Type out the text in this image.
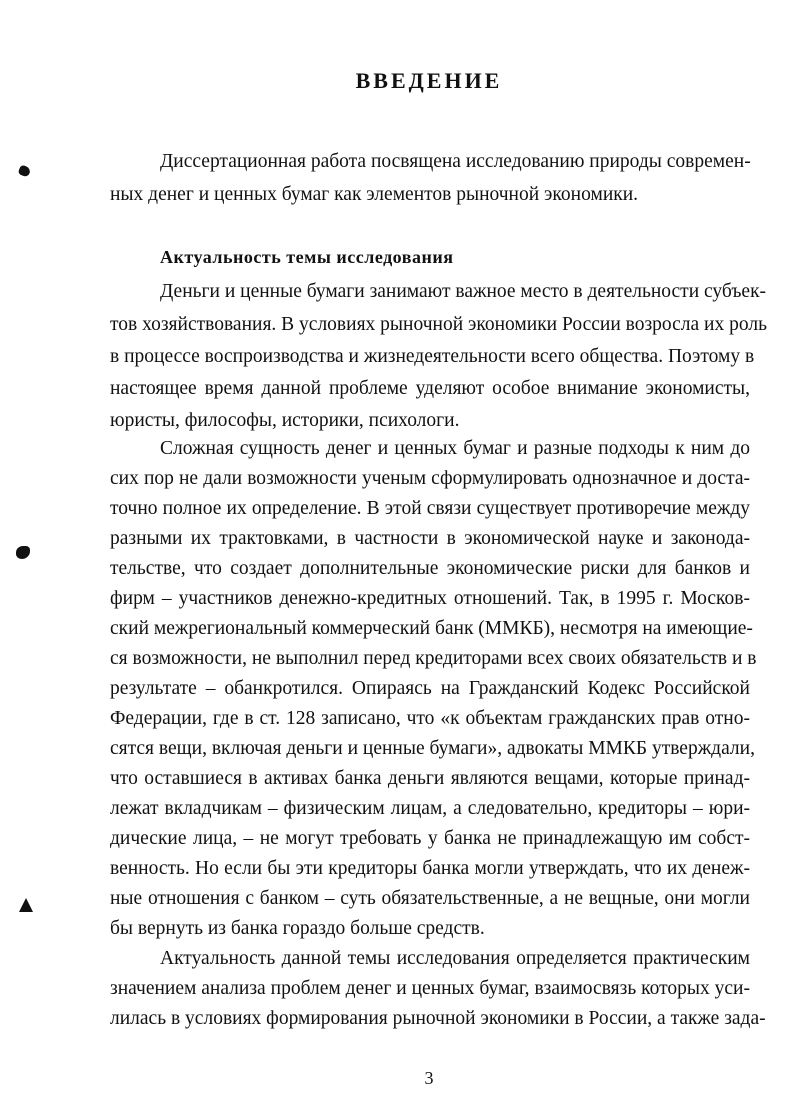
ВВЕДЕНИЕ
Диссертационная работа посвящена исследованию природы современ-
ных денег и ценных бумаг как элементов рыночной экономики.
Актуальность темы исследования
Деньги и ценные бумаги занимают важное место в деятельности субъек-
тов хозяйствования. В условиях рыночной экономики России возросла их роль
в процессе воспроизводства и жизнедеятельности всего общества. Поэтому в
настоящее время данной проблеме уделяют особое внимание экономисты,
юристы, философы, историки, психологи.
Сложная сущность денег и ценных бумаг и разные подходы к ним до
сих пор не дали возможности ученым сформулировать однозначное и доста-
точно полное их определение. В этой связи существует противоречие между
разными их трактовками, в частности в экономической науке и законода-
тельстве, что создает дополнительные экономические риски для банков и
фирм – участников денежно-кредитных отношений. Так, в 1995 г. Москов-
ский межрегиональный коммерческий банк (ММКБ), несмотря на имеющие-
ся возможности, не выполнил перед кредиторами всех своих обязательств и в
результате – обанкротился. Опираясь на Гражданский Кодекс Российской
Федерации, где в ст. 128 записано, что «к объектам гражданских прав отно-
сятся вещи, включая деньги и ценные бумаги», адвокаты ММКБ утверждали,
что оставшиеся в активах банка деньги являются вещами, которые принад-
лежат вкладчикам – физическим лицам, а следовательно, кредиторы – юри-
дические лица, – не могут требовать у банка не принадлежащую им собст-
венность. Но если бы эти кредиторы банка могли утверждать, что их денеж-
ные отношения с банком – суть обязательственные, а не вещные, они могли
бы вернуть из банка гораздо больше средств.
Актуальность данной темы исследования определяется практическим
значением анализа проблем денег и ценных бумаг, взаимосвязь которых уси-
лилась в условиях формирования рыночной экономики в России, а также зада-
3
